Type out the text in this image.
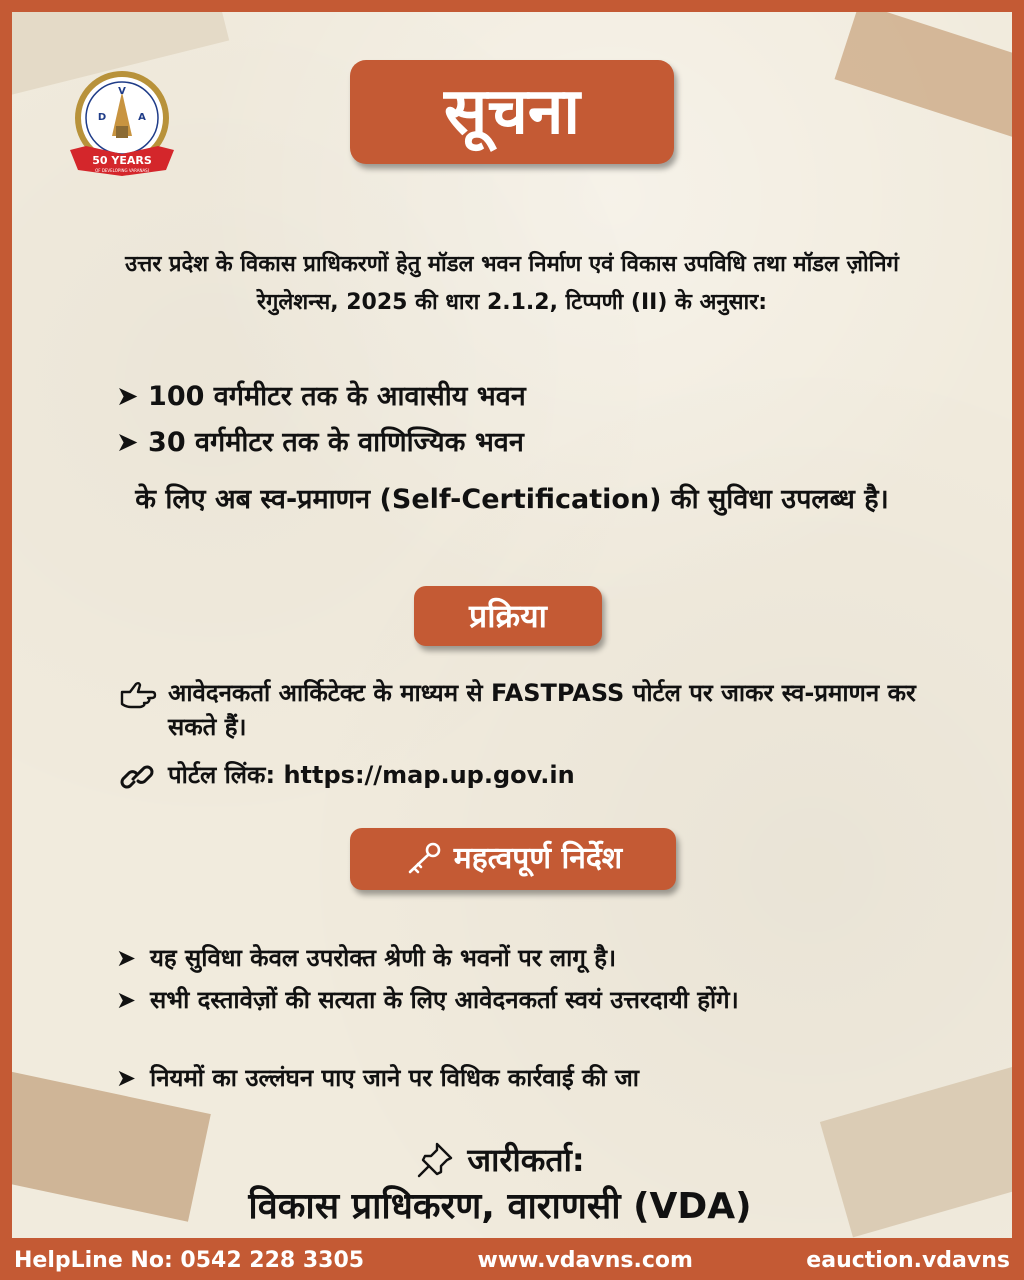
V
D	A
50 YEARS
OF DEVELOPING VARANASI
सूचना
उत्तर प्रदेश के विकास प्राधिकरणों हेतु मॉडल भवन निर्माण एवं विकास उपविधि तथा मॉडल ज़ोनिगं रेगुलेशन्स, 2025 की धारा 2.1.2, टिप्पणी (II) के अनुसार:
➤ 100 वर्गमीटर तक के आवासीय भवन
➤ 30 वर्गमीटर तक के वाणिज्यिक भवन
के लिए अब स्व-प्रमाणन (Self-Certification) की सुविधा उपलब्ध है।
प्रक्रिया
आवेदनकर्ता आर्किटेक्ट के माध्यम से FASTPASS पोर्टल पर जाकर स्व-प्रमाणन कर सकते हैं।
पोर्टल लिंक: https://map.up.gov.in
महत्वपूर्ण निर्देश
➤ यह सुविधा केवल उपरोक्त श्रेणी के भवनों पर लागू है।
➤ सभी दस्तावेज़ों की सत्यता के लिए आवेदनकर्ता स्वयं उत्तरदायी होंगे।
➤ नियमों का उल्लंघन पाए जाने पर विधिक कार्रवाई की जा
जारीकर्ता:
विकास प्राधिकरण, वाराणसी (VDA)
HelpLine No: 0542 228 3305	www.vdavns.com	eauction.vdavns
